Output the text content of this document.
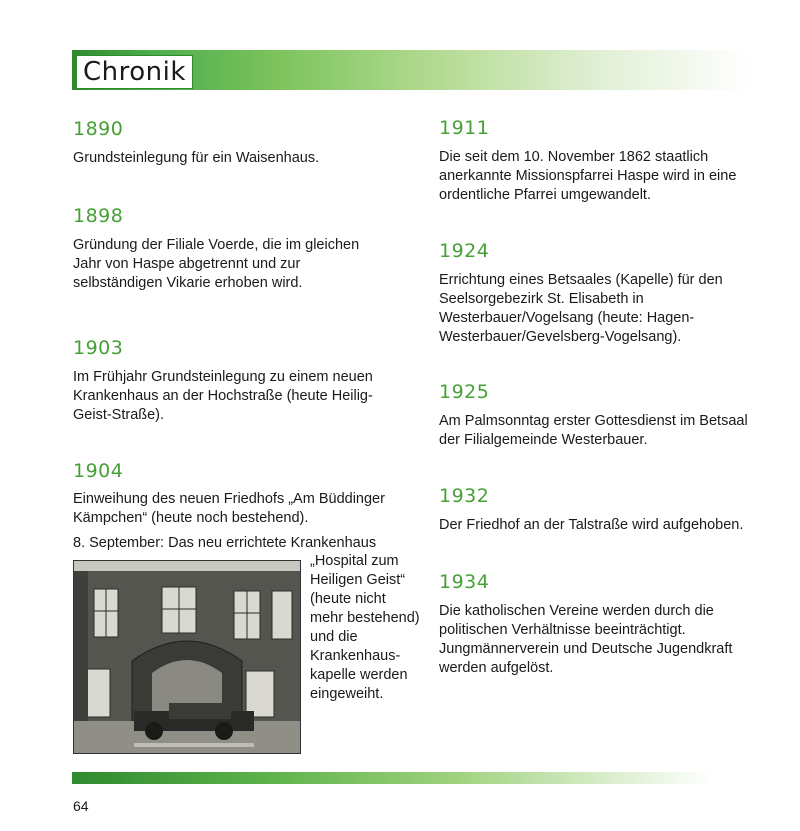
Chronik
1890
Grundsteinlegung für ein Waisenhaus.
1898
Gründung der Filiale Voerde, die im gleichen Jahr von Haspe abgetrennt und zur selbständigen Vikarie erhoben wird.
1903
Im Frühjahr Grundsteinlegung zu einem neuen Krankenhaus an der Hochstraße (heute Heilig-Geist-Straße).
1904
Einweihung des neuen Friedhofs „Am Büddinger Kämpchen“ (heute noch bestehend).
8. September: Das neu errichtete Krankenhaus
„Hospital zum Heiligen Geist“ (heute nicht mehr bestehend) und die Krankenhaus-kapelle werden eingeweiht.
1911
Die seit dem 10. November 1862 staatlich anerkannte Missionspfarrei Haspe wird in eine ordentliche Pfarrei umgewandelt.
1924
Errichtung eines Betsaales (Kapelle) für den Seelsorgebezirk St. Elisabeth in Westerbauer/Vogelsang (heute: Hagen-Westerbauer/Gevelsberg-Vogelsang).
1925
Am Palmsonntag erster Gottesdienst im Betsaal der Filialgemeinde Westerbauer.
1932
Der Friedhof an der Talstraße wird aufgehoben.
1934
Die katholischen Vereine werden durch die politischen Verhältnisse beeinträchtigt. Jungmännerverein und Deutsche Jugendkraft werden aufgelöst.
64
